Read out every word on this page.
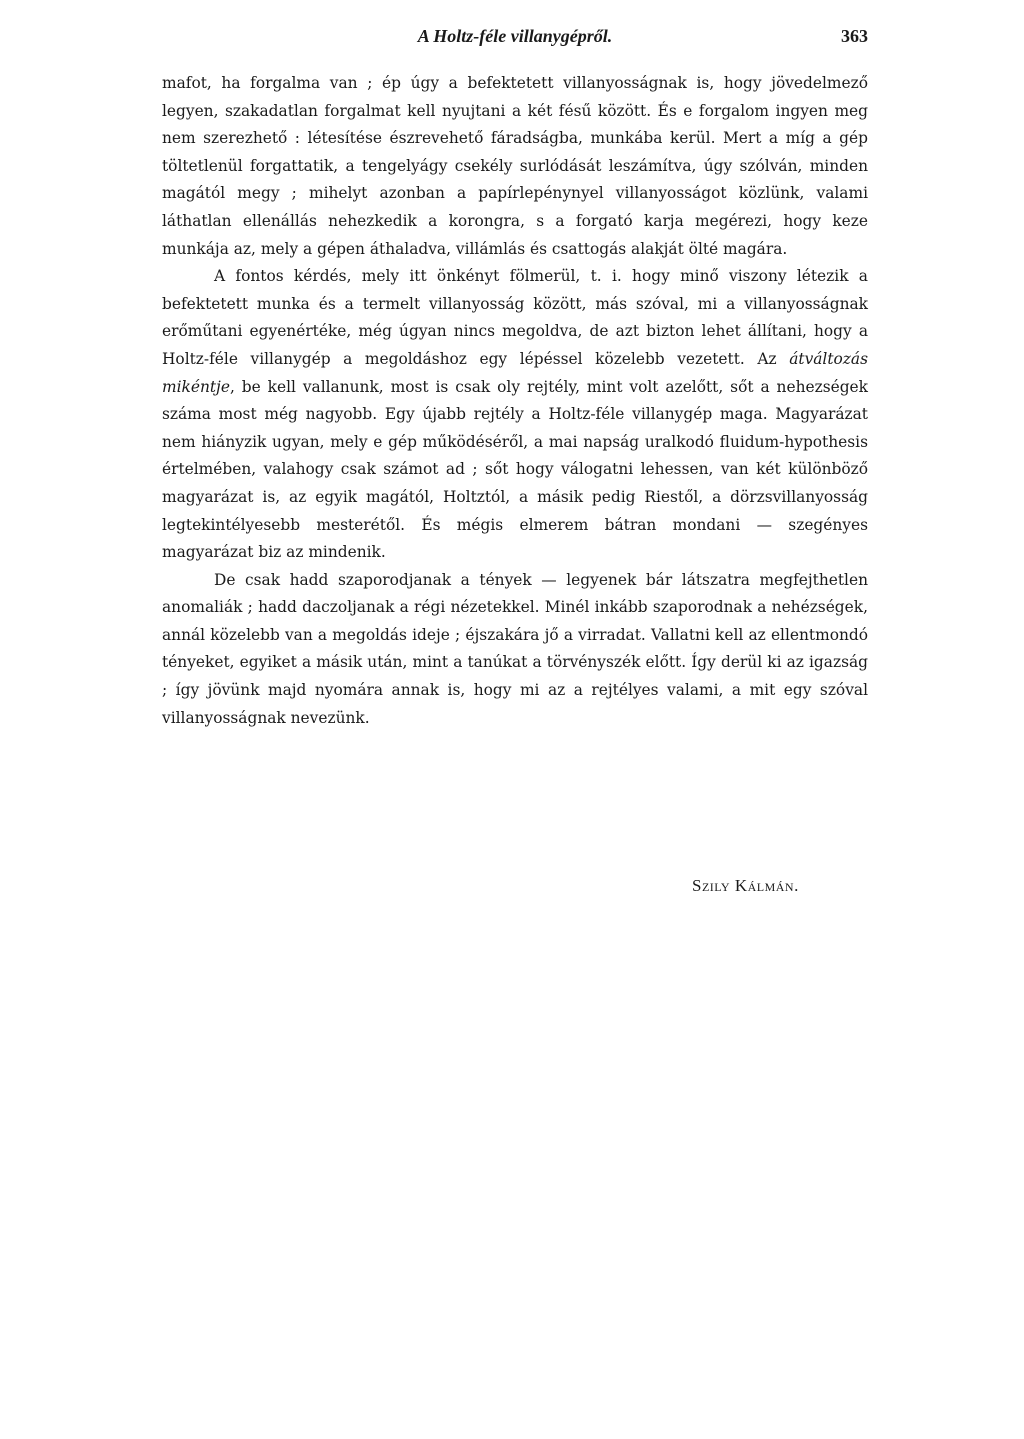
A Holtz-féle villanygépről.	363

mafot, ha forgalma van ; ép úgy a befektetett villanyosságnak is, hogy jövedelmező legyen, szakadatlan forgalmat kell nyujtani a két fésű között. És e forgalom ingyen meg nem szerezhető : létesítése észrevehető fáradságba, munkába kerül. Mert a míg a gép töltetlenül forgattatik, a tengelyágy csekély surlódását leszámítva, úgy szólván, minden magától megy ; mihelyt azonban a papírlepénynyel villanyosságot közlünk, valami láthatlan ellenállás nehezkedik a korongra, s a forgató karja megérezi, hogy keze munkája az, mely a gépen áthaladva, villámlás és csattogás alakját ölté magára.

A fontos kérdés, mely itt önkényt fölmerül, t. i. hogy minő viszony létezik a befektetett munka és a termelt villanyosság között, más szóval, mi a villanyosságnak erőműtani egyenértéke, még úgyan nincs megoldva, de azt bizton lehet állítani, hogy a Holtz-féle villanygép a megoldáshoz egy lépéssel közelebb vezetett. Az átváltozás mikéntje, be kell vallanunk, most is csak oly rejtély, mint volt azelőtt, sőt a nehezségek száma most még nagyobb. Egy újabb rejtély a Holtz-féle villanygép maga. Magyarázat nem hiányzik ugyan, mely e gép működéséről, a mai napság uralkodó fluidum-hypothesis értelmében, valahogy csak számot ad ; sőt hogy válogatni lehessen, van két különböző magyarázat is, az egyik magától, Holtztól, a másik pedig Riestől, a dörzsvillanyosság legtekintélyesebb mesterétől. És mégis elmerem bátran mondani — szegényes magyarázat biz az mindenik.

De csak hadd szaporodjanak a tények — legyenek bár látszatra megfejthetlen anomaliák ; hadd daczoljanak a régi nézetekkel. Minél inkább szaporodnak a nehézségek, annál közelebb van a megoldás ideje ; éjszakára jő a virradat. Vallatni kell az ellentmondó tényeket, egyiket a másik után, mint a tanúkat a törvényszék előtt. Így derül ki az igazság ; így jövünk majd nyomára annak is, hogy mi az a rejtélyes valami, a mit egy szóval villanyosságnak nevezünk.

Szily Kálmán.
